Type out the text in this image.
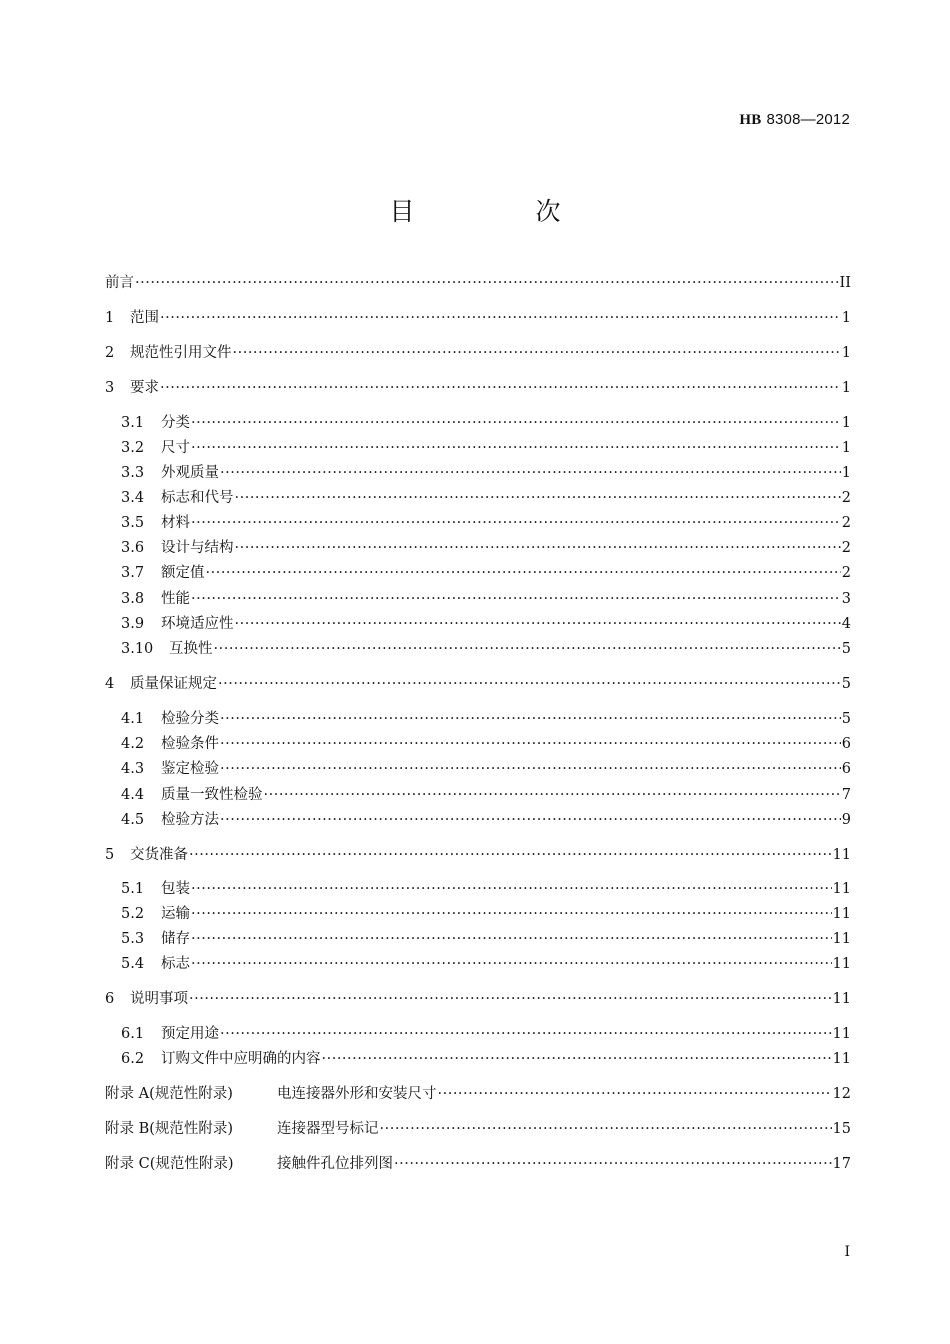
HB 8308—2012
目　次
前言 ·····	II
1	范围 ·····	1
2	规范性引用文件 ·····	1
3	要求 ·····	1
3.1	分类 ·····	1
3.2	尺寸 ·····	1
3.3	外观质量 ·····	1
3.4	标志和代号 ·····	2
3.5	材料 ·····	2
3.6	设计与结构 ·····	2
3.7	额定值 ·····	2
3.8	性能 ·····	3
3.9	环境适应性 ·····	4
3.10	互换性 ·····	5
4	质量保证规定 ·····	5
4.1	检验分类 ·····	5
4.2	检验条件 ·····	6
4.3	鉴定检验 ·····	6
4.4	质量一致性检验 ·····	7
4.5	检验方法 ·····	9
5	交货准备 ·····	11
5.1	包装 ·····	11
5.2	运输 ·····	11
5.3	储存 ·····	11
5.4	标志 ·····	11
6	说明事项 ·····	11
6.1	预定用途 ·····	11
6.2	订购文件中应明确的内容 ·····	11
附录 A(规范性附录)	电连接器外形和安装尺寸 ·····	12
附录 B(规范性附录)	连接器型号标记 ·····	15
附录 C(规范性附录)	接触件孔位排列图 ·····	17
I
